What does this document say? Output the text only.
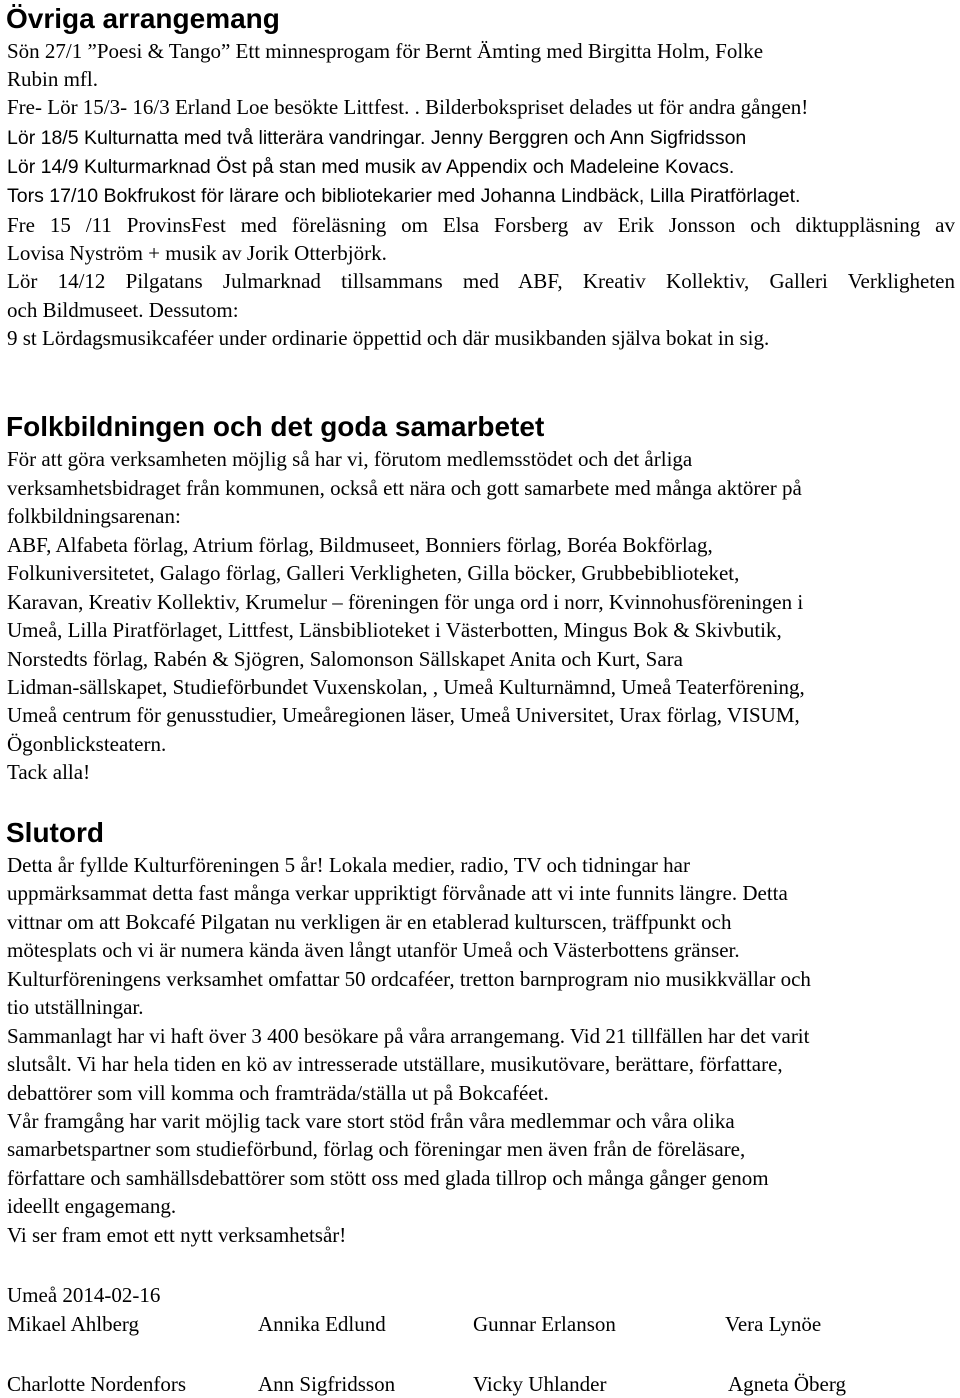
Övriga arrangemang

Sön 27/1 ”Poesi & Tango” Ett minnesprogam för Bernt Ämting med Birgitta Holm, Folke

Rubin mfl.

Fre- Lör 15/3- 16/3 Erland Loe besökte Littfest. . Bilderbokspriset delades ut för andra gången!

Lör 18/5 Kulturnatta med två litterära vandringar. Jenny Berggren och Ann Sigfridsson

Lör 14/9 Kulturmarknad Öst på stan med musik av Appendix och Madeleine Kovacs.

Tors 17/10 Bokfrukost för lärare och bibliotekarier med Johanna Lindbäck, Lilla Piratförlaget.

Fre 15 /11 ProvinsFest med föreläsning om Elsa Forsberg av Erik Jonsson och diktuppläsning av

Lovisa Nyström + musik av Jorik Otterbjörk.

Lör 14/12 Pilgatans Julmarknad tillsammans med ABF, Kreativ Kollektiv, Galleri Verkligheten

och Bildmuseet. Dessutom:

9 st Lördagsmusikcaféer under ordinarie öppettid och där musikbanden själva bokat in sig.

Folkbildningen och det goda samarbetet

För att göra verksamheten möjlig så har vi, förutom medlemsstödet och det årliga

verksamhetsbidraget från kommunen, också ett nära och gott samarbete med många aktörer på

folkbildningsarenan:

ABF, Alfabeta förlag, Atrium förlag, Bildmuseet, Bonniers förlag, Boréa Bokförlag,

Folkuniversitetet, Galago förlag, Galleri Verkligheten, Gilla böcker, Grubbebiblioteket,

Karavan, Kreativ Kollektiv, Krumelur – föreningen för unga ord i norr, Kvinnohusföreningen i

Umeå, Lilla Piratförlaget, Littfest, Länsbiblioteket i Västerbotten, Mingus Bok & Skivbutik,

Norstedts förlag, Rabén & Sjögren, Salomonson Sällskapet Anita och Kurt, Sara

Lidman-sällskapet, Studieförbundet Vuxenskolan, , Umeå Kulturnämnd, Umeå Teaterförening,

Umeå centrum för genusstudier, Umeåregionen läser, Umeå Universitet, Urax förlag, VISUM,

Ögonblicksteatern.

Tack alla!

Slutord

Detta år fyllde Kulturföreningen 5 år! Lokala medier, radio, TV och tidningar har

uppmärksammat detta fast många verkar uppriktigt förvånade att vi inte funnits längre. Detta

vittnar om att Bokcafé Pilgatan nu verkligen är en etablerad kulturscen, träffpunkt och

mötesplats och vi är numera kända även långt utanför Umeå och Västerbottens gränser.

Kulturföreningens verksamhet omfattar 50 ordcaféer, tretton barnprogram nio musikkvällar och

tio utställningar.

Sammanlagt har vi haft över 3 400 besökare på våra arrangemang. Vid 21 tillfällen har det varit

slutsålt. Vi har hela tiden en kö av intresserade utställare, musikutövare, berättare, författare,

debattörer som vill komma och framträda/ställa ut på Bokcaféet.

Vår framgång har varit möjlig tack vare stort stöd från våra medlemmar och våra olika

samarbetspartner som studieförbund, förlag och föreningar men även från de föreläsare,

författare och samhällsdebattörer som stött oss med glada tillrop och många gånger genom

ideellt engagemang.

Vi ser fram emot ett nytt verksamhetsår!

Umeå 2014-02-16
Mikael Ahlberg	Annika Edlund	Gunnar Erlanson	Vera Lynöe
Charlotte Nordenfors	Ann Sigfridsson	Vicky Uhlander	Agneta Öberg
